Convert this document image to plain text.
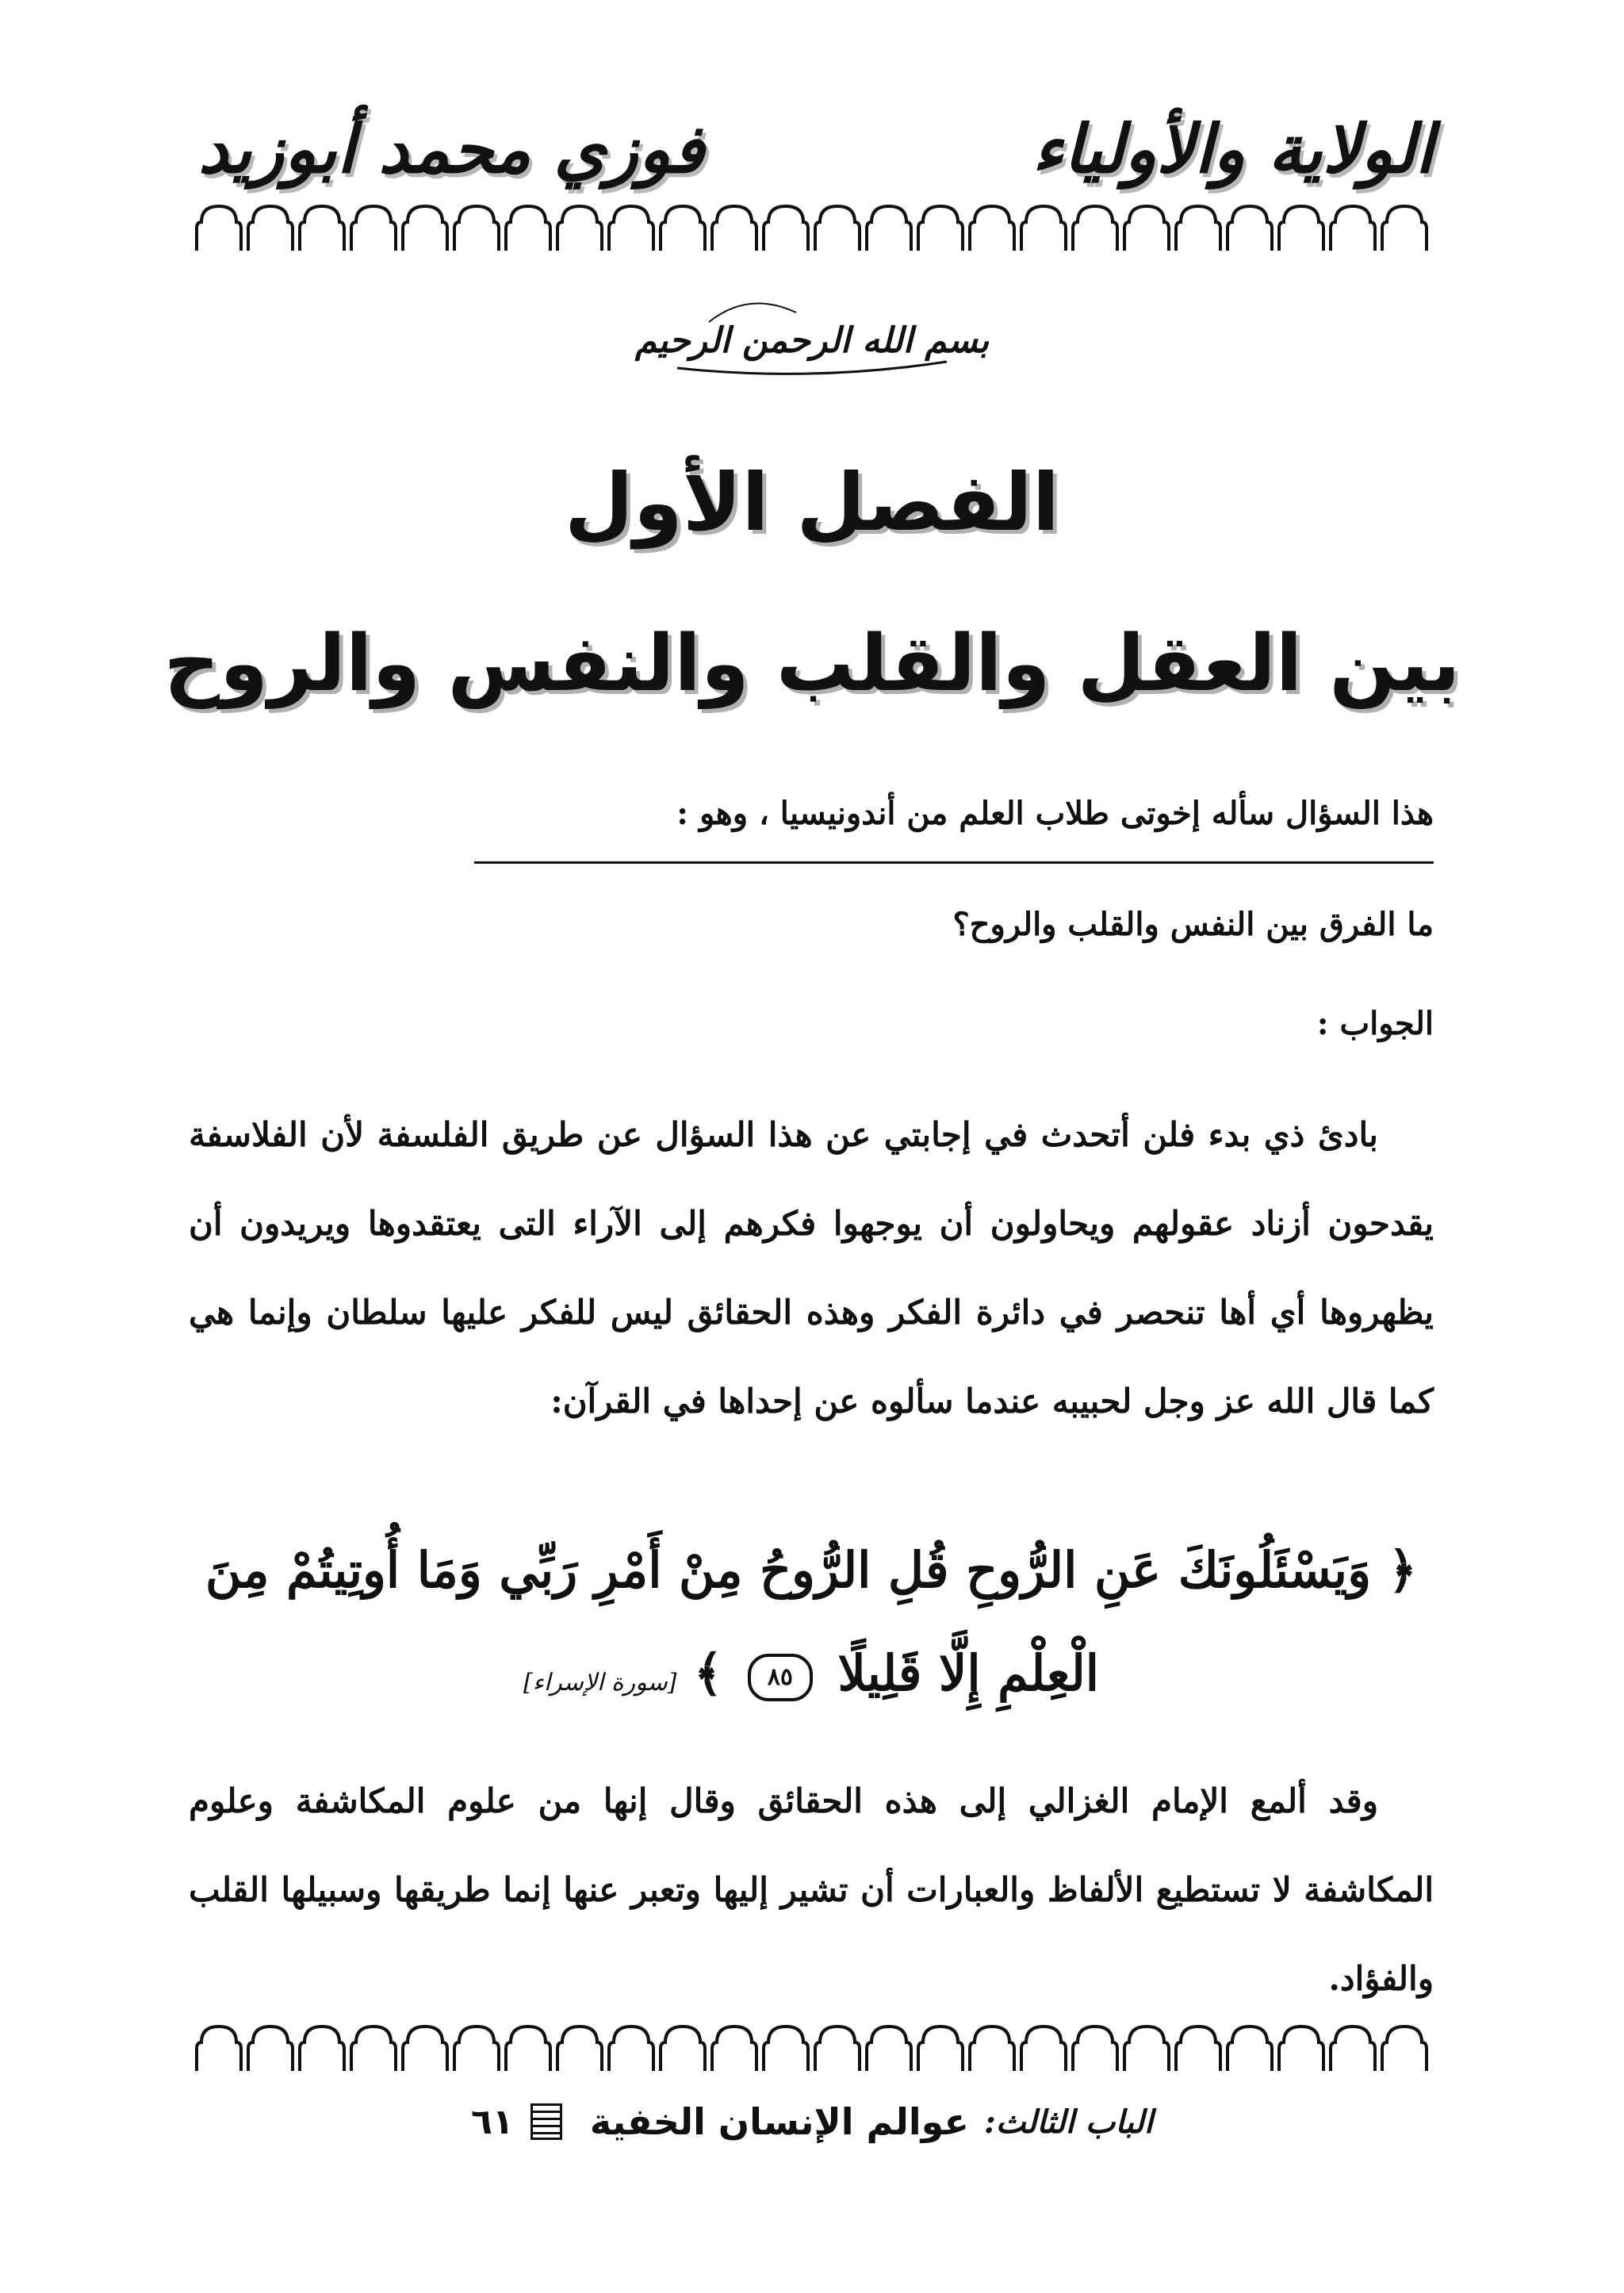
الولاية والأولياء
فوزي محمد أبوزيد
بسم الله الرحمن الرحيم
الفصل الأول
بين العقل والقلب والنفس والروح
هذا السؤال سأله إخوتى طلاب العلم من أندونيسيا ، وهو :
ما الفرق بين النفس والقلب والروح؟
الجواب :
بادئ ذي بدء فلن أتحدث في إجابتي عن هذا السؤال عن طريق الفلسفة لأن الفلاسفة يقدحون أزناد عقولهم ويحاولون أن يوجهوا فكرهم إلى الآراء التى يعتقدوها ويريدون أن يظهروها أي أها تنحصر في دائرة الفكر وهذه الحقائق ليس للفكر عليها سلطان وإنما هي كما قال الله عز وجل لحبيبه عندما سألوه عن إحداها في القرآن:
﴿ وَيَسْئَلُونَكَ عَنِ الرُّوحِ قُلِ الرُّوحُ مِنْ أَمْرِ رَبِّي وَمَا أُوتِيتُمْ مِنَ الْعِلْمِ إِلَّا قَلِيلًا ٨٥ ﴾ [سورة الإسراء]
وقد ألمع الإمام الغزالي إلى هذه الحقائق وقال إنها من علوم المكاشفة وعلوم المكاشفة لا تستطيع الألفاظ والعبارات أن تشير إليها وتعبر عنها إنما طريقها وسبيلها القلب والفؤاد.
الباب الثالث: عوالم الإنسان الخفية  ٦١
